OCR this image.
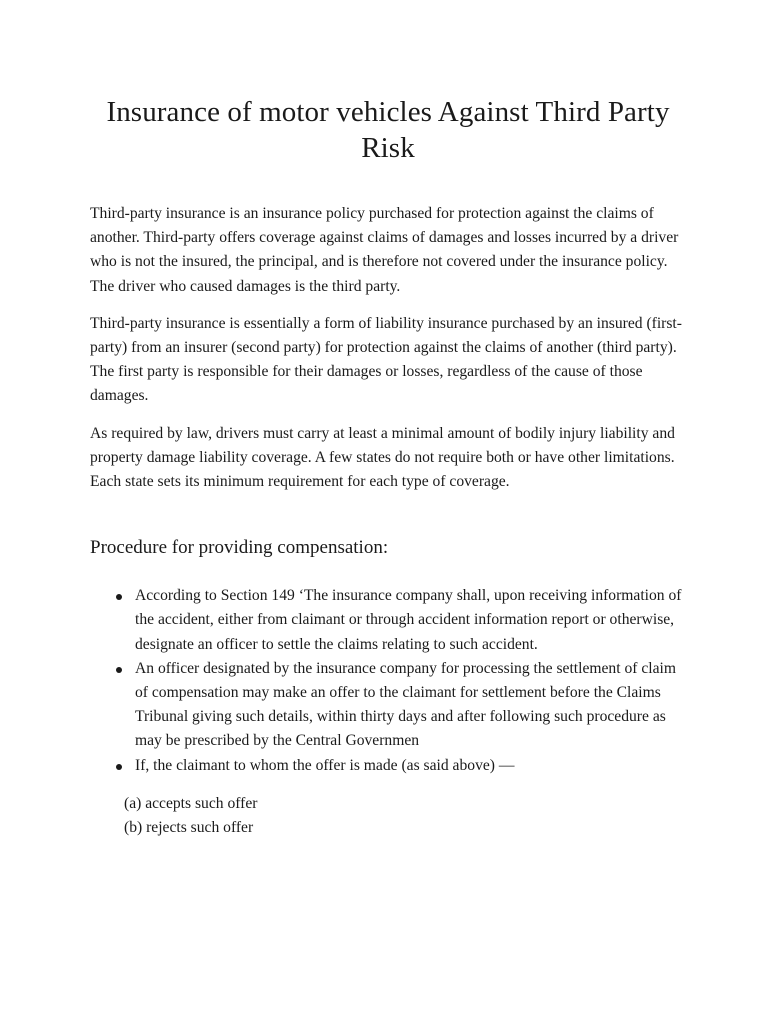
Insurance of motor vehicles Against Third Party Risk

Third-party insurance is an insurance policy purchased for protection against the claims of another. Third-party offers coverage against claims of damages and losses incurred by a driver who is not the insured, the principal, and is therefore not covered under the insurance policy. The driver who caused damages is the third party.

Third-party insurance is essentially a form of liability insurance purchased by an insured (first-party) from an insurer (second party) for protection against the claims of another (third party). The first party is responsible for their damages or losses, regardless of the cause of those damages.

As required by law, drivers must carry at least a minimal amount of bodily injury liability and property damage liability coverage. A few states do not require both or have other limitations. Each state sets its minimum requirement for each type of coverage.

Procedure for providing compensation:
According to Section 149 ‘The insurance company shall, upon receiving information of the accident, either from claimant or through accident information report or otherwise, designate an officer to settle the claims relating to such accident.
An officer designated by the insurance company for processing the settlement of claim of compensation may make an offer to the claimant for settlement before the Claims Tribunal giving such details, within thirty days and after following such procedure as may be prescribed by the Central Governmen
If, the claimant to whom the offer is made (as said above) —
(a) accepts such offer
(b) rejects such offer
